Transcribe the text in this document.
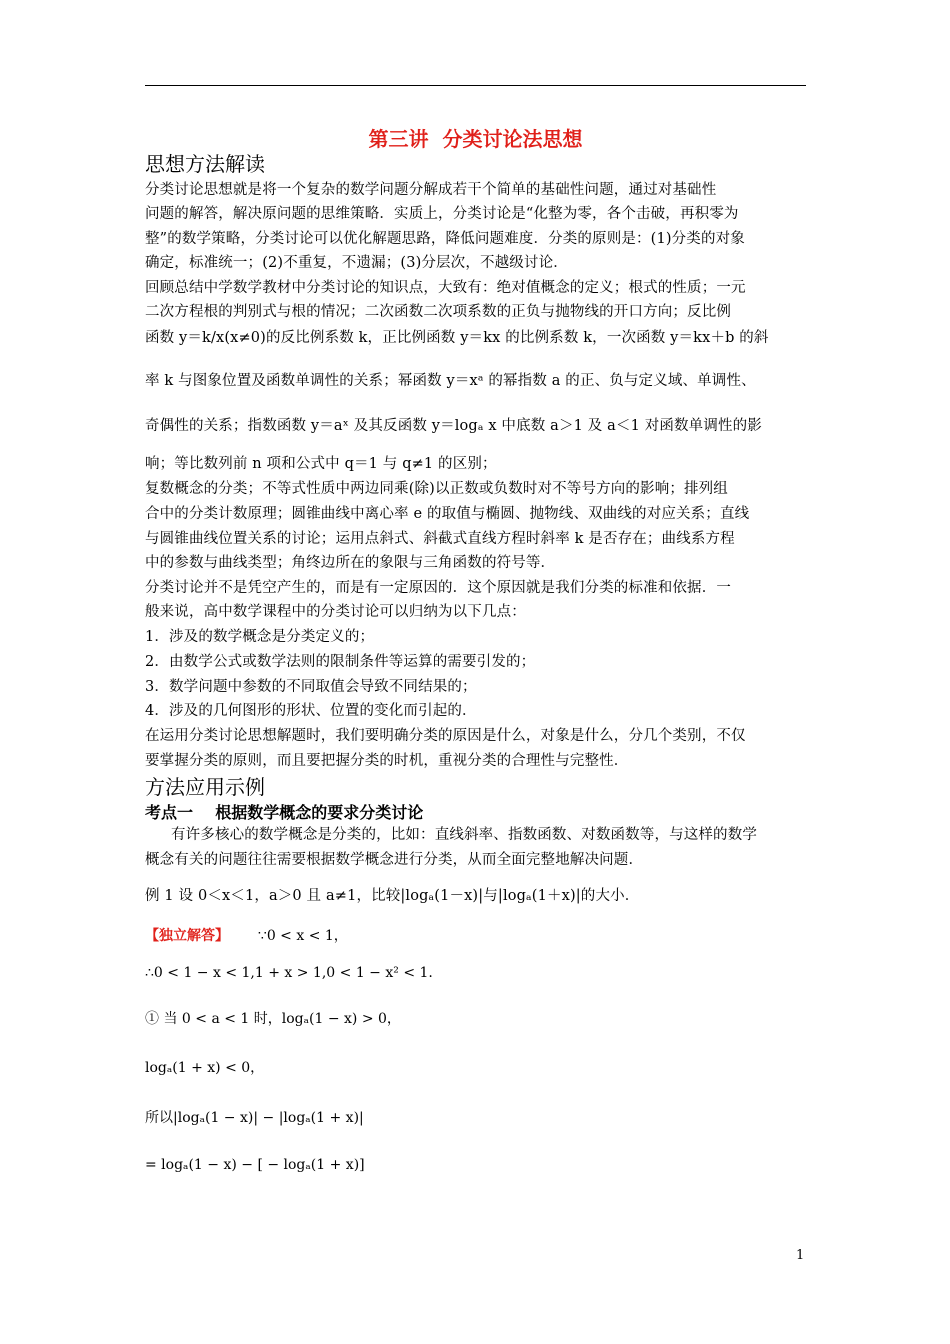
第三讲  分类讨论法思想
思想方法解读
分类讨论思想就是将一个复杂的数学问题分解成若干个简单的基础性问题，通过对基础性
问题的解答，解决原问题的思维策略．实质上，分类讨论是“化整为零，各个击破，再积零为
整”的数学策略，分类讨论可以优化解题思路，降低问题难度．分类的原则是：(1)分类的对象
确定，标准统一；(2)不重复，不遗漏；(3)分层次，不越级讨论．
回顾总结中学数学教材中分类讨论的知识点，大致有：绝对值概念的定义；根式的性质；一元
二次方程根的判别式与根的情况；二次函数二次项系数的正负与抛物线的开口方向；反比例
函数 y＝k/x(x≠0)的反比例系数 k，正比例函数 y＝kx 的比例系数 k，一次函数 y＝kx＋b 的斜
率 k 与图象位置及函数单调性的关系；幂函数 y＝xᵃ 的幂指数 a 的正、负与定义域、单调性、
奇偶性的关系；指数函数 y＝aˣ 及其反函数 y＝logₐ x 中底数 a＞1 及 a＜1 对函数单调性的影
响；等比数列前 n 项和公式中 q＝1 与 q≠1 的区别；
复数概念的分类；不等式性质中两边同乘(除)以正数或负数时对不等号方向的影响；排列组
合中的分类计数原理；圆锥曲线中离心率 e 的取值与椭圆、抛物线、双曲线的对应关系；直线
与圆锥曲线位置关系的讨论；运用点斜式、斜截式直线方程时斜率 k 是否存在；曲线系方程
中的参数与曲线类型；角终边所在的象限与三角函数的符号等．
分类讨论并不是凭空产生的，而是有一定原因的．这个原因就是我们分类的标准和依据．一
般来说，高中数学课程中的分类讨论可以归纳为以下几点：
1．涉及的数学概念是分类定义的；
2．由数学公式或数学法则的限制条件等运算的需要引发的；
3．数学问题中参数的不同取值会导致不同结果的；
4．涉及的几何图形的形状、位置的变化而引起的．
在运用分类讨论思想解题时，我们要明确分类的原因是什么，对象是什么，分几个类别，不仅
要掌握分类的原则，而且要把握分类的时机，重视分类的合理性与完整性．
方法应用示例
考点一    根据数学概念的要求分类讨论
有许多核心的数学概念是分类的，比如：直线斜率、指数函数、对数函数等，与这样的数学
概念有关的问题往往需要根据数学概念进行分类，从而全面完整地解决问题．
例 1 设 0＜x＜1，a＞0 且 a≠1，比较|logₐ(1－x)|与|logₐ(1＋x)|的大小．
【独立解答】 ∵0 < x < 1，
∴0 < 1 − x < 1,1 + x > 1,0 < 1 − x² < 1.
① 当 0 < a < 1 时，logₐ(1 − x) > 0，
logₐ(1 + x) < 0，
所以|logₐ(1 − x)| − |logₐ(1 + x)|
= logₐ(1 − x) − [ − logₐ(1 + x)]
1
